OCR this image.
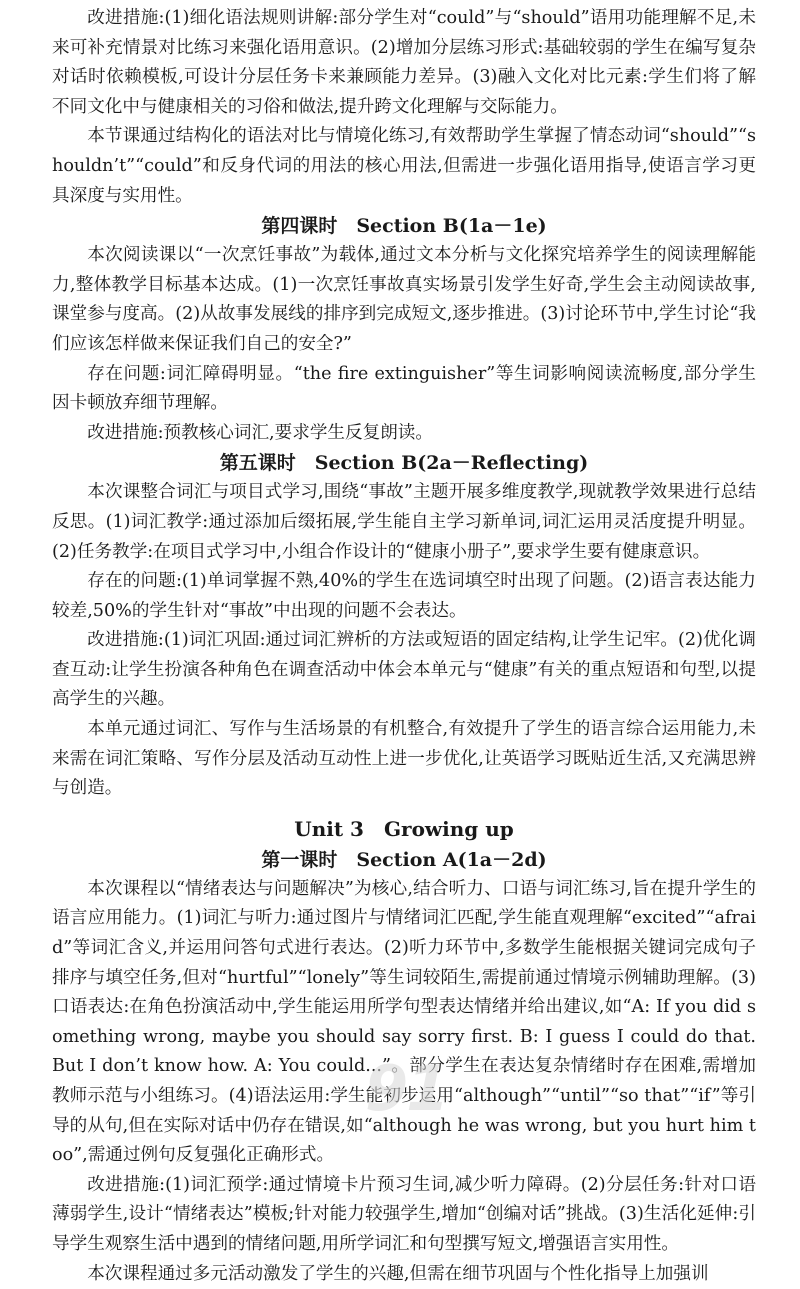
改进措施:(1)细化语法规则讲解:部分学生对“could”与“should”语用功能理解不足,未来可补充情景对比练习来强化语用意识。(2)增加分层练习形式:基础较弱的学生在编写复杂对话时依赖模板,可设计分层任务卡来兼顾能力差异。(3)融入文化对比元素:学生们将了解不同文化中与健康相关的习俗和做法,提升跨文化理解与交际能力。

本节课通过结构化的语法对比与情境化练习,有效帮助学生掌握了情态动词“should”“shouldn’t”“could”和反身代词的用法的核心用法,但需进一步强化语用指导,使语言学习更具深度与实用性。

第四课时　Section B(1a－1e)

本次阅读课以“一次烹饪事故”为载体,通过文本分析与文化探究培养学生的阅读理解能力,整体教学目标基本达成。(1)一次烹饪事故真实场景引发学生好奇,学生会主动阅读故事,课堂参与度高。(2)从故事发展线的排序到完成短文,逐步推进。(3)讨论环节中,学生讨论“我们应该怎样做来保证我们自己的安全?”

存在问题:词汇障碍明显。“the fire extinguisher”等生词影响阅读流畅度,部分学生因卡顿放弃细节理解。

改进措施:预教核心词汇,要求学生反复朗读。

第五课时　Section B(2a－Reflecting)

本次课整合词汇与项目式学习,围绕“事故”主题开展多维度教学,现就教学效果进行总结反思。(1)词汇教学:通过添加后缀拓展,学生能自主学习新单词,词汇运用灵活度提升明显。(2)任务教学:在项目式学习中,小组合作设计的“健康小册子”,要求学生要有健康意识。

存在的问题:(1)单词掌握不熟,40%的学生在选词填空时出现了问题。(2)语言表达能力较差,50%的学生针对“事故”中出现的问题不会表达。

改进措施:(1)词汇巩固:通过词汇辨析的方法或短语的固定结构,让学生记牢。(2)优化调查互动:让学生扮演各种角色在调查活动中体会本单元与“健康”有关的重点短语和句型,以提高学生的兴趣。

本单元通过词汇、写作与生活场景的有机整合,有效提升了学生的语言综合运用能力,未来需在词汇策略、写作分层及活动互动性上进一步优化,让英语学习既贴近生活,又充满思辨与创造。

Unit 3　Growing up
第一课时　Section A(1a－2d)

本次课程以“情绪表达与问题解决”为核心,结合听力、口语与词汇练习,旨在提升学生的语言应用能力。(1)词汇与听力:通过图片与情绪词汇匹配,学生能直观理解“excited”“afraid”等词汇含义,并运用问答句式进行表达。(2)听力环节中,多数学生能根据关键词完成句子排序与填空任务,但对“hurtful”“lonely”等生词较陌生,需提前通过情境示例辅助理解。(3)口语表达:在角色扮演活动中,学生能运用所学句型表达情绪并给出建议,如“A: If you did something wrong, maybe you should say sorry first. B: I guess I could do that. But I don’t know how. A: You could...”。部分学生在表达复杂情绪时存在困难,需增加教师示范与小组练习。(4)语法运用:学生能初步运用“although”“until”“so that”“if”等引导的从句,但在实际对话中仍存在错误,如“although he was wrong, but you hurt him too”,需通过例句反复强化正确形式。

改进措施:(1)词汇预学:通过情境卡片预习生词,减少听力障碍。(2)分层任务:针对口语薄弱学生,设计“情绪表达”模板;针对能力较强学生,增加“创编对话”挑战。(3)生活化延伸:引导学生观察生活中遇到的情绪问题,用所学词汇和句型撰写短文,增强语言实用性。

本次课程通过多元活动激发了学生的兴趣,但需在细节巩固与个性化指导上加强训

91
